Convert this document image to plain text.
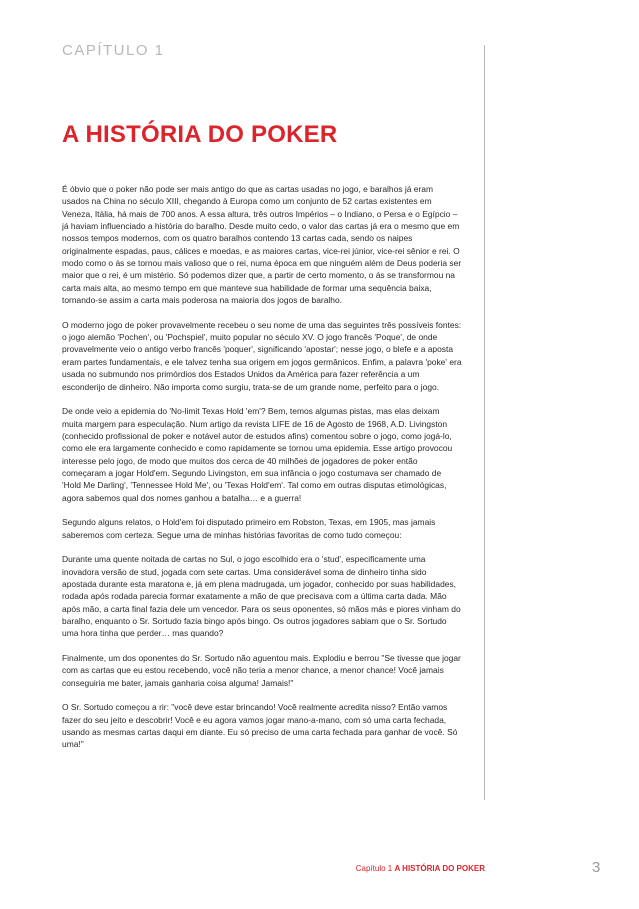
CAPÍTULO 1
A HISTÓRIA DO POKER

É óbvio que o poker não pode ser mais antigo do que as cartas usadas no jogo, e baralhos já eram usados na China no século XIII, chegando à Europa como um conjunto de 52 cartas existentes em Veneza, Itália, há mais de 700 anos. A essa altura, três outros Impérios – o Indiano, o Persa e o Egípcio – já haviam influenciado a história do baralho. Desde muito cedo, o valor das cartas já era o mesmo que em nossos tempos modernos, com os quatro baralhos contendo 13 cartas cada, sendo os naipes originalmente espadas, paus, cálices e moedas, e as maiores cartas, vice-rei júnior, vice-rei sênior e rei. O modo como o ás se tornou mais valioso que o rei, numa época em que ninguém além de Deus poderia ser maior que o rei, é um mistério. Só podemos dizer que, a partir de certo momento, o ás se transformou na carta mais alta, ao mesmo tempo em que manteve sua habilidade de formar uma sequência baixa, tornando-se assim a carta mais poderosa na maioria dos jogos de baralho.

O moderno jogo de poker provavelmente recebeu o seu nome de uma das seguintes três possíveis fontes: o jogo alemão 'Pochen', ou 'Pochspiel', muito popular no século XV. O jogo francês 'Poque', de onde provavelmente veio o antigo verbo francês 'poquer', significando 'apostar'; nesse jogo, o blefe e a aposta eram partes fundamentais, e ele talvez tenha sua origem em jogos germânicos. Enfim, a palavra 'poke' era usada no submundo nos primórdios dos Estados Unidos da América para fazer referência a um esconderijo de dinheiro. Não importa como surgiu, trata-se de um grande nome, perfeito para o jogo.

De onde veio a epidemia do 'No-limit Texas Hold 'em'? Bem, temos algumas pistas, mas elas deixam muita margem para especulação. Num artigo da revista LIFE de 16 de Agosto de 1968, A.D. Livingston (conhecido profissional de poker e notável autor de estudos afins) comentou sobre o jogo, como jogá-lo, como ele era largamente conhecido e como rapidamente se tornou uma epidemia. Esse artigo provocou interesse pelo jogo, de modo que muitos dos cerca de 40 milhões de jogadores de poker então começaram a jogar Hold'em. Segundo Livingston, em sua infância o jogo costumava ser chamado de 'Hold Me Darling', 'Tennessee Hold Me', ou 'Texas Hold'em'. Tal como em outras disputas etimológicas, agora sabemos qual dos nomes ganhou a batalha… e a guerra!

Segundo alguns relatos, o Hold'em foi disputado primeiro em Robston, Texas, em 1905, mas jamais saberemos com certeza. Segue uma de minhas histórias favoritas de como tudo começou:

Durante uma quente noitada de cartas no Sul, o jogo escolhido era o 'stud', especificamente uma inovadora versão de stud, jogada com sete cartas. Uma considerável soma de dinheiro tinha sido apostada durante esta maratona e, já em plena madrugada, um jogador, conhecido por suas habilidades, rodada após rodada parecia formar exatamente a mão de que precisava com a última carta dada. Mão após mão, a carta final fazia dele um vencedor. Para os seus oponentes, só mãos más e piores vinham do baralho, enquanto o Sr. Sortudo fazia bingo após bingo. Os outros jogadores sabiam que o Sr. Sortudo uma hora tinha que perder… mas quando?

Finalmente, um dos oponentes do Sr. Sortudo não aguentou mais. Explodiu e berrou "Se tivesse que jogar com as cartas que eu estou recebendo, você não teria a menor chance, a menor chance! Você jamais conseguiria me bater, jamais ganharia coisa alguma! Jamais!"

O Sr. Sortudo começou a rir: "você deve estar brincando! Você realmente acredita nisso? Então vamos fazer do seu jeito e descobrir! Você e eu agora vamos jogar mano-a-mano, com só uma carta fechada, usando as mesmas cartas daqui em diante. Eu só preciso de uma carta fechada para ganhar de você. Só uma!"

Capítulo 1 A HISTÓRIA DO POKER	3
